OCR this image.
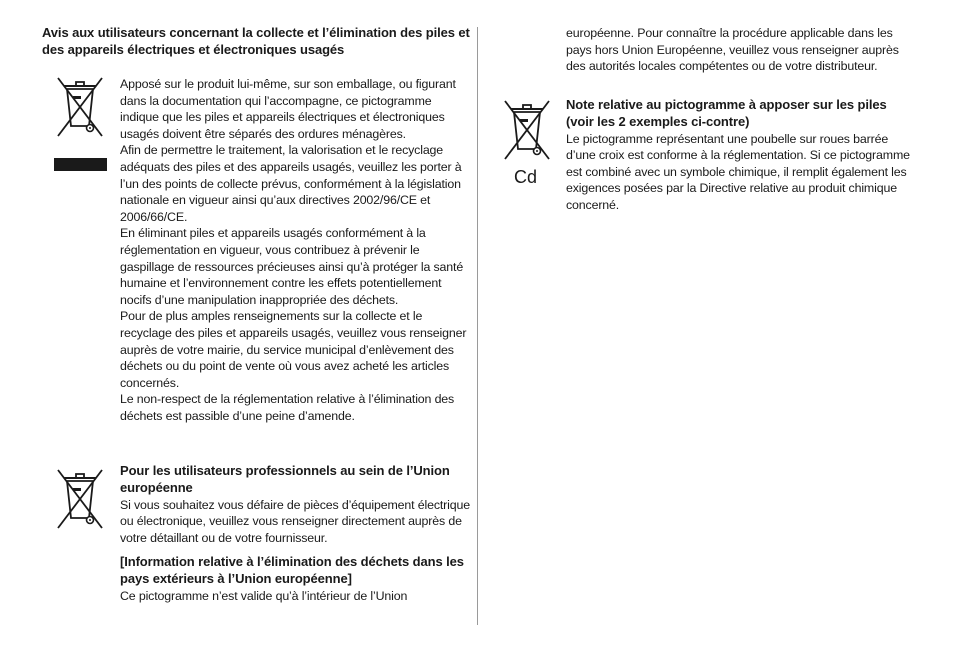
Avis aux utilisateurs concernant la collecte et l’élimination des piles et des appareils électriques et électroniques usagés

Apposé sur le produit lui-même, sur son emballage, ou figurant dans la documentation qui l’accompagne, ce pictogramme indique que les piles et appareils électriques et électroniques usagés doivent être séparés des ordures ménagères.

Afin de permettre le traitement, la valorisation et le recyclage adéquats des piles et des appareils usagés, veuillez les porter à l’un des points de collecte prévus, conformément à la législation nationale en vigueur ainsi qu’aux directives 2002/96/CE et 2006/66/CE.

En éliminant piles et appareils usagés conformément à la réglementation en vigueur, vous contribuez à prévenir le gaspillage de ressources précieuses ainsi qu’à protéger la santé humaine et l’environnement contre les effets potentiellement nocifs d’une manipulation inappropriée des déchets.

Pour de plus amples renseignements sur la collecte et le recyclage des piles et appareils usagés, veuillez vous renseigner auprès de votre mairie, du service municipal d’enlèvement des déchets ou du point de vente où vous avez acheté les articles concernés.

Le non-respect de la réglementation relative à l’élimination des déchets est passible d’une peine d’amende.

Pour les utilisateurs professionnels au sein de l’Union européenne

Si vous souhaitez vous défaire de pièces d’équipement électrique ou électronique, veuillez vous renseigner directement auprès de votre détaillant ou de votre fournisseur.

[Information relative à l’élimination des déchets dans les pays extérieurs à l’Union européenne]

Ce pictogramme n’est valide qu’à l’intérieur de l’Union

européenne. Pour connaître la procédure applicable dans les pays hors Union Européenne, veuillez vous renseigner auprès des autorités locales compétentes ou de votre distributeur.

Cd

Note relative au pictogramme à apposer sur les piles (voir les 2 exemples ci-contre)

Le pictogramme représentant une poubelle sur roues barrée d’une croix est conforme à la réglementation. Si ce pictogramme est combiné avec un symbole chimique, il remplit également les exigences posées par la Directive relative au produit chimique concerné.
